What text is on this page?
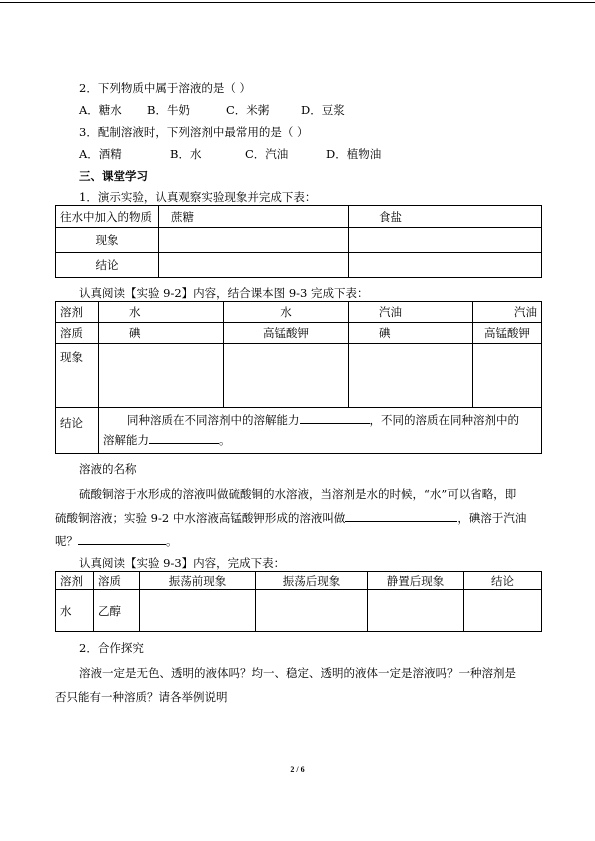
2．下列物质中属于溶液的是（ ）
A．糖水 B．牛奶	C．米粥	D．豆浆
3．配制溶液时，下列溶剂中最常用的是（ ）
A．酒精	B．水	C．汽油	D．植物油
三、课堂学习
1．演示实验，认真观察实验现象并完成下表：
往水中加入的物质	蔗糖	食盐
现象		
结论		
认真阅读【实验 9-2】内容，结合课本图 9-3 完成下表：
溶剂	水	水	汽油	汽油
溶质	碘	高锰酸钾	碘	高锰酸钾
现象				
结论	同种溶质在不同溶剂中的溶解能力 ，不同的溶质在同种溶剂中的
溶解能力 。			
溶液的名称
硫酸铜溶于水形成的溶液叫做硫酸铜的水溶液，当溶剂是水的时候，“水”可以省略，即
硫酸铜溶液；实验 9-2 中水溶液高锰酸钾形成的溶液叫做	，碘溶于汽油
呢？	。
认真阅读【实验 9-3】内容，完成下表：
溶剂	溶质	振荡前现象	振荡后现象	静置后现象	结论
水	乙醇				
2．合作探究
溶液一定是无色、透明的液体吗？均一、稳定、透明的液体一定是溶液吗？一种溶剂是
否只能有一种溶质？请各举例说明
2 / 6
